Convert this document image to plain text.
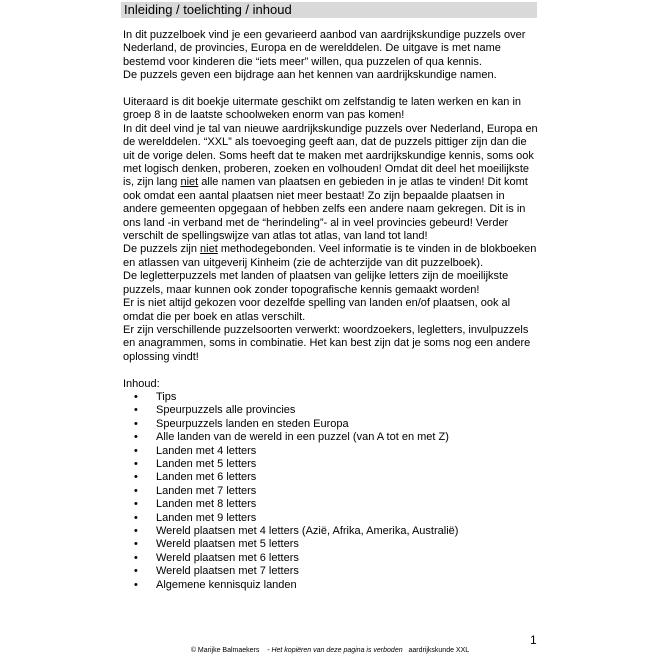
Inleiding / toelichting / inhoud

In dit puzzelboek vind je een gevarieerd aanbod van aardrijkskundige puzzels over
Nederland, de provincies, Europa en de werelddelen. De uitgave is met name
bestemd voor kinderen die “iets meer” willen, qua puzzelen of qua kennis.
De puzzels geven een bijdrage aan het kennen van aardrijkskundige namen.

Uiteraard is dit boekje uitermate geschikt om zelfstandig te laten werken en kan in
groep 8 in de laatste schoolweken enorm van pas komen!
In dit deel vind je tal van nieuwe aardrijkskundige puzzels over Nederland, Europa en
de werelddelen. “XXL” als toevoeging geeft aan, dat de puzzels pittiger zijn dan die
uit de vorige delen. Soms heeft dat te maken met aardrijkskundige kennis, soms ook
met logisch denken, proberen, zoeken en volhouden! Omdat dit deel het moeilijkste
is, zijn lang niet alle namen van plaatsen en gebieden in je atlas te vinden! Dit komt
ook omdat een aantal plaatsen niet meer bestaat! Zo zijn bepaalde plaatsen in
andere gemeenten opgegaan of hebben zelfs een andere naam gekregen. Dit is in
ons land -in verband met de “herindeling”- al in veel provincies gebeurd! Verder
verschilt de spellingswijze van atlas tot atlas, van land tot land!
De puzzels zijn niet methodegebonden. Veel informatie is te vinden in de blokboeken
en atlassen van uitgeverij Kinheim (zie de achterzijde van dit puzzelboek).
De legletterpuzzels met landen of plaatsen van gelijke letters zijn de moeilijkste
puzzels, maar kunnen ook zonder topografische kennis gemaakt worden!
Er is niet altijd gekozen voor dezelfde spelling van landen en/of plaatsen, ook al
omdat die per boek en atlas verschilt.
Er zijn verschillende puzzelsoorten verwerkt: woordzoekers, legletters, invulpuzzels
en anagrammen, soms in combinatie. Het kan best zijn dat je soms nog een andere
oplossing vindt!

Inhoud:

• Tips
• Speurpuzzels alle provincies
• Speurpuzzels landen en steden Europa
• Alle landen van de wereld in een puzzel (van A tot en met Z)
• Landen met 4 letters
• Landen met 5 letters
• Landen met 6 letters
• Landen met 7 letters
• Landen met 8 letters
• Landen met 9 letters
• Wereld plaatsen met 4 letters (Azië, Afrika, Amerika, Australië)
• Wereld plaatsen met 5 letters
• Wereld plaatsen met 6 letters
• Wereld plaatsen met 7 letters
• Algemene kennisquiz landen
1
© Marijke Balmaekers - Het kopiëren van deze pagina is verboden aardrijkskunde XXL
